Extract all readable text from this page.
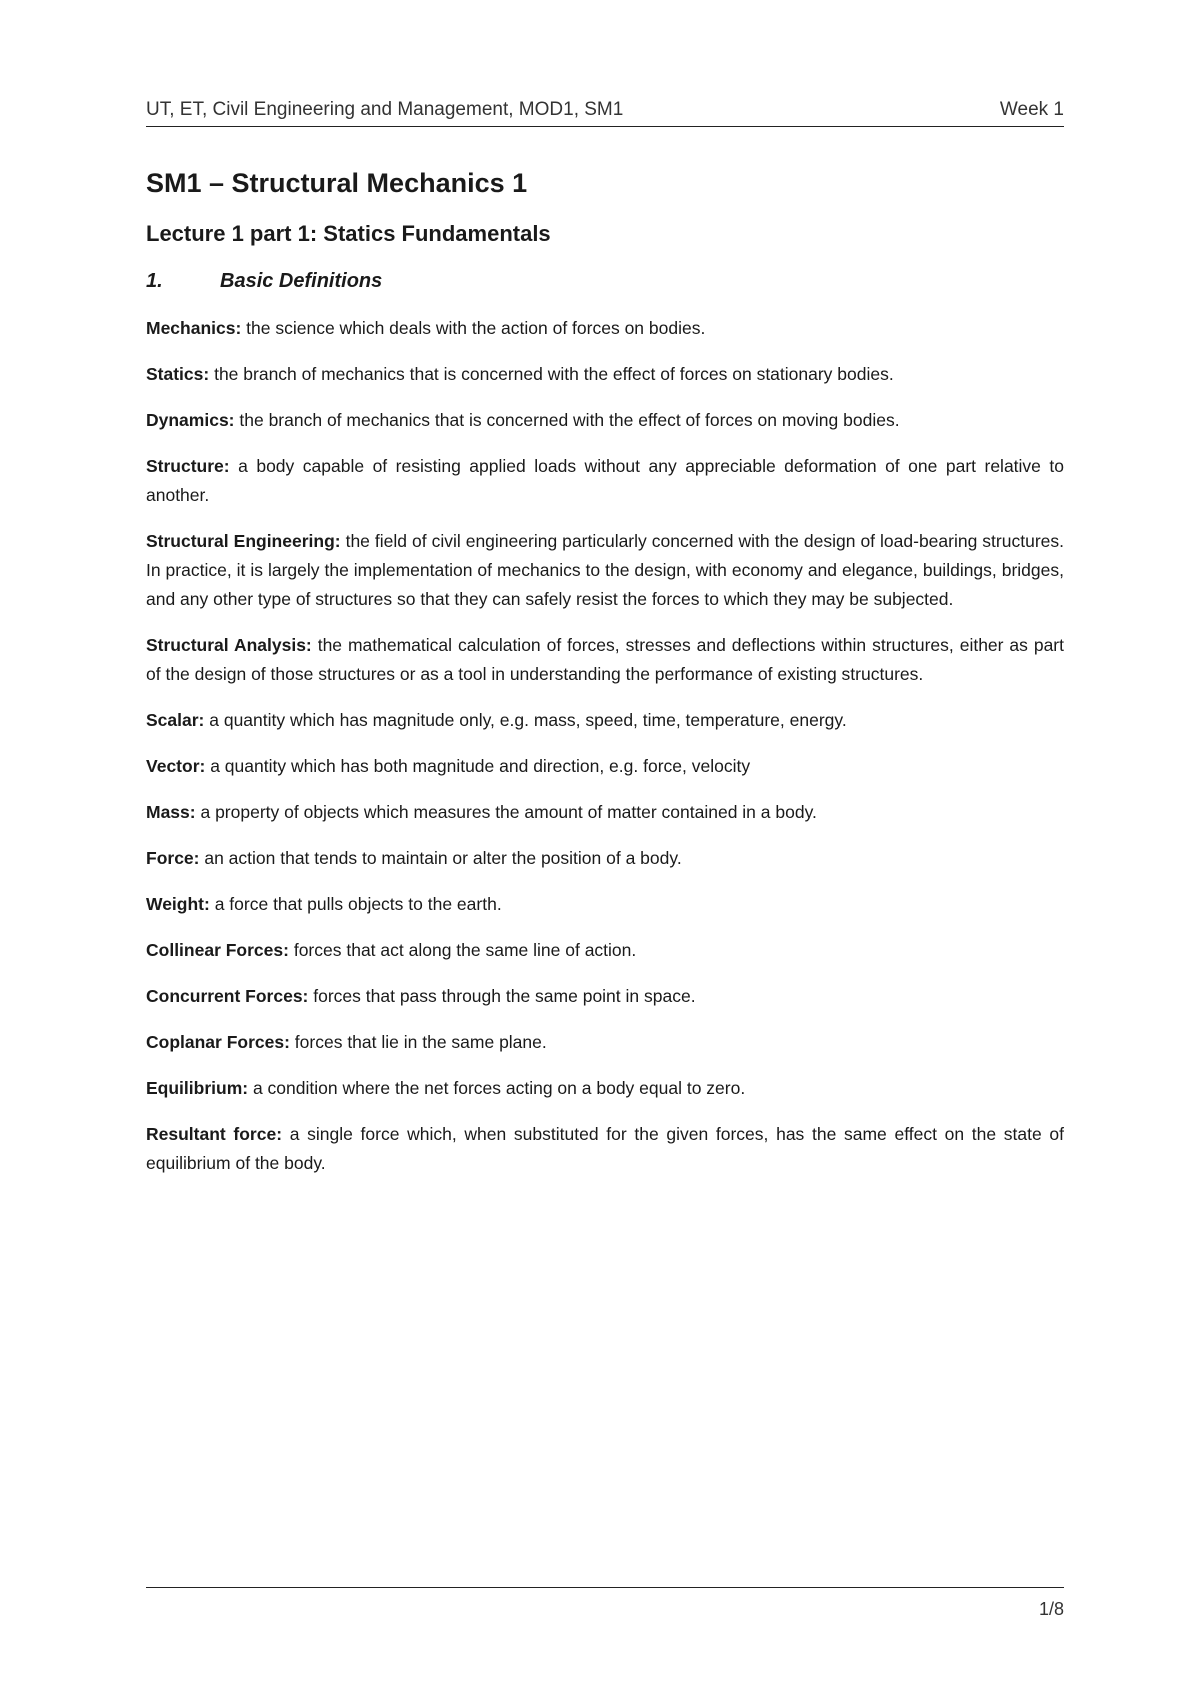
UT, ET, Civil Engineering and Management, MOD1, SM1	Week 1
SM1 – Structural Mechanics 1
Lecture 1 part 1: Statics Fundamentals
1.	Basic Definitions

Mechanics: the science which deals with the action of forces on bodies.

Statics: the branch of mechanics that is concerned with the effect of forces on stationary bodies.

Dynamics: the branch of mechanics that is concerned with the effect of forces on moving bodies.

Structure: a body capable of resisting applied loads without any appreciable deformation of one part relative to another.

Structural Engineering: the field of civil engineering particularly concerned with the design of load-bearing structures. In practice, it is largely the implementation of mechanics to the design, with economy and elegance, buildings, bridges, and any other type of structures so that they can safely resist the forces to which they may be subjected.

Structural Analysis: the mathematical calculation of forces, stresses and deflections within structures, either as part of the design of those structures or as a tool in understanding the performance of existing structures.

Scalar: a quantity which has magnitude only, e.g. mass, speed, time, temperature, energy.

Vector: a quantity which has both magnitude and direction, e.g. force, velocity

Mass: a property of objects which measures the amount of matter contained in a body.

Force: an action that tends to maintain or alter the position of a body.

Weight: a force that pulls objects to the earth.

Collinear Forces: forces that act along the same line of action.

Concurrent Forces: forces that pass through the same point in space.

Coplanar Forces: forces that lie in the same plane.

Equilibrium: a condition where the net forces acting on a body equal to zero.

Resultant force: a single force which, when substituted for the given forces, has the same effect on the state of equilibrium of the body.

1/8
